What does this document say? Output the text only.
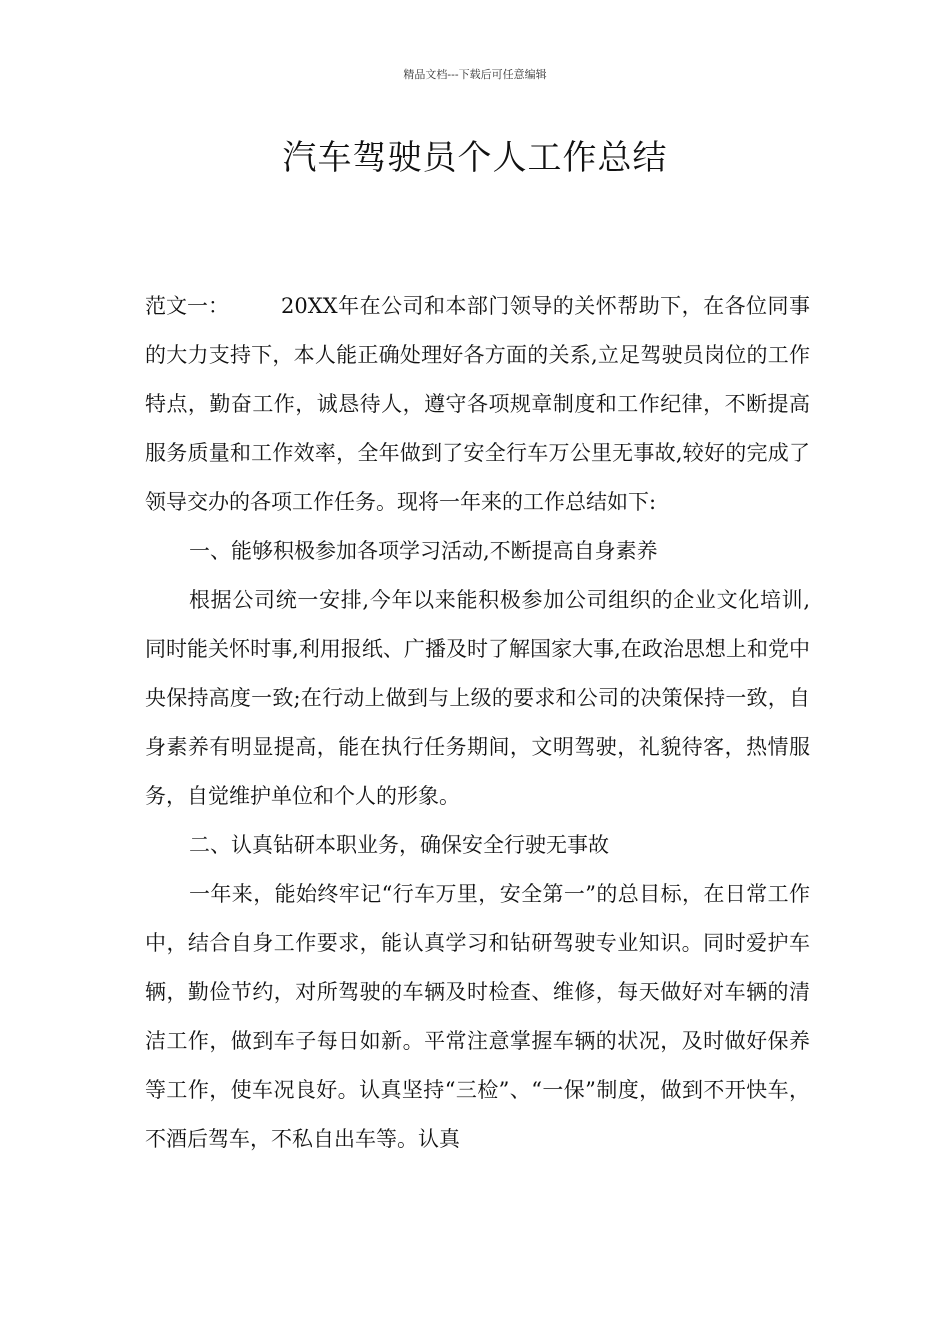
精品文档---下载后可任意编辑
汽车驾驶员个人工作总结

范文一： 20XX年在公司和本部门领导的关怀帮助下，在各位同事的大力支持下，本人能正确处理好各方面的关系,立足驾驶员岗位的工作特点，勤奋工作，诚恳待人，遵守各项规章制度和工作纪律，不断提高服务质量和工作效率，全年做到了安全行车万公里无事故,较好的完成了领导交办的各项工作任务。现将一年来的工作总结如下:

一、能够积极参加各项学习活动,不断提高自身素养

根据公司统一安排,今年以来能积极参加公司组织的企业文化培训,同时能关怀时事,利用报纸、广播及时了解国家大事,在政治思想上和党中央保持高度一致;在行动上做到与上级的要求和公司的决策保持一致，自身素养有明显提高，能在执行任务期间，文明驾驶，礼貌待客，热情服务，自觉维护单位和个人的形象。

二、认真钻研本职业务，确保安全行驶无事故

一年来，能始终牢记“行车万里，安全第一”的总目标，在日常工作中，结合自身工作要求，能认真学习和钻研驾驶专业知识。同时爱护车辆，勤俭节约，对所驾驶的车辆及时检查、维修，每天做好对车辆的清洁工作，做到车子每日如新。平常注意掌握车辆的状况，及时做好保养等工作，使车况良好。认真坚持“三检”、“一保”制度，做到不开快车，不酒后驾车，不私自出车等。认真
